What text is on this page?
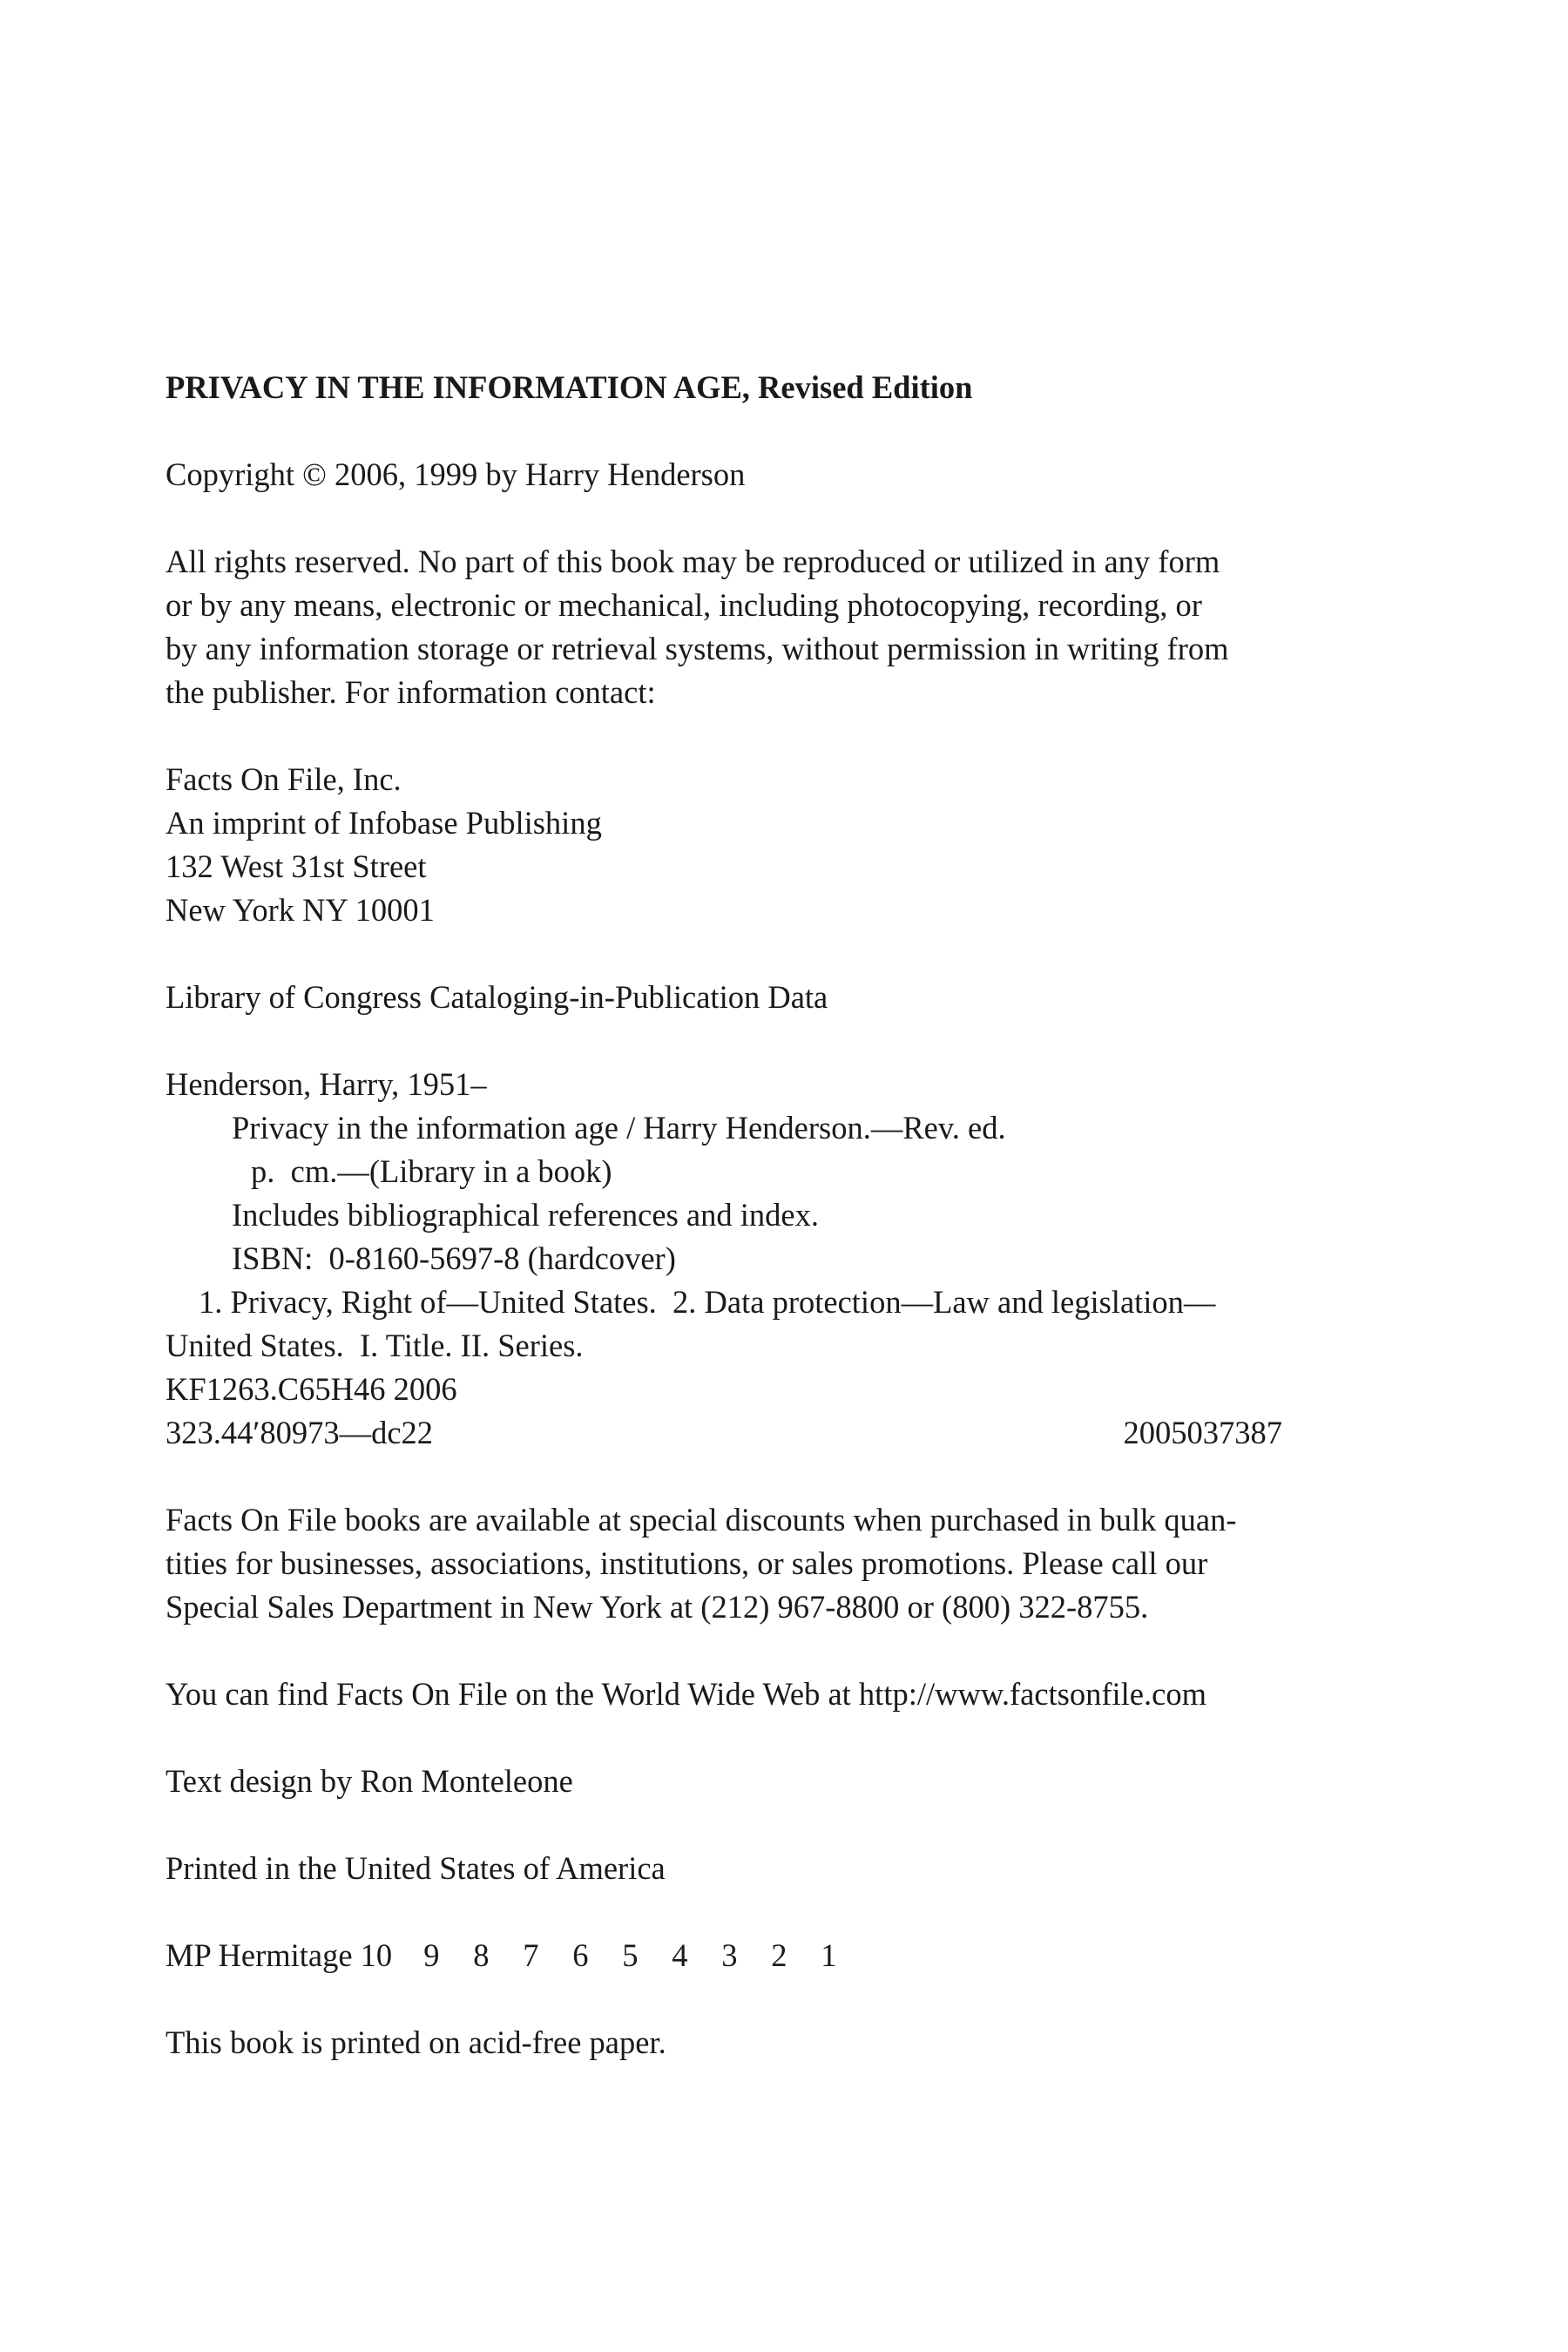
PRIVACY IN THE INFORMATION AGE, Revised Edition
Copyright © 2006, 1999 by Harry Henderson
All rights reserved. No part of this book may be reproduced or utilized in any form
or by any means, electronic or mechanical, including photocopying, recording, or
by any information storage or retrieval systems, without permission in writing from
the publisher. For information contact:
Facts On File, Inc.
An imprint of Infobase Publishing
132 West 31st Street
New York NY 10001
Library of Congress Cataloging-in-Publication Data
Henderson, Harry, 1951–
Privacy in the information age / Harry Henderson.—Rev. ed.
p.  cm.—(Library in a book)
Includes bibliographical references and index.
ISBN:  0-8160-5697-8 (hardcover)
1. Privacy, Right of—United States.  2. Data protection—Law and legislation—
United States.  I. Title. II. Series.
KF1263.C65H46 2006
323.44′80973—dc22	2005037387
Facts On File books are available at special discounts when purchased in bulk quan-
tities for businesses, associations, institutions, or sales promotions. Please call our
Special Sales Department in New York at (212) 967-8800 or (800) 322-8755.
You can find Facts On File on the World Wide Web at http://www.factsonfile.com
Text design by Ron Monteleone
Printed in the United States of America
MP Hermitage 10 9	8	7	6	5	4	3	2	1
This book is printed on acid-free paper.
